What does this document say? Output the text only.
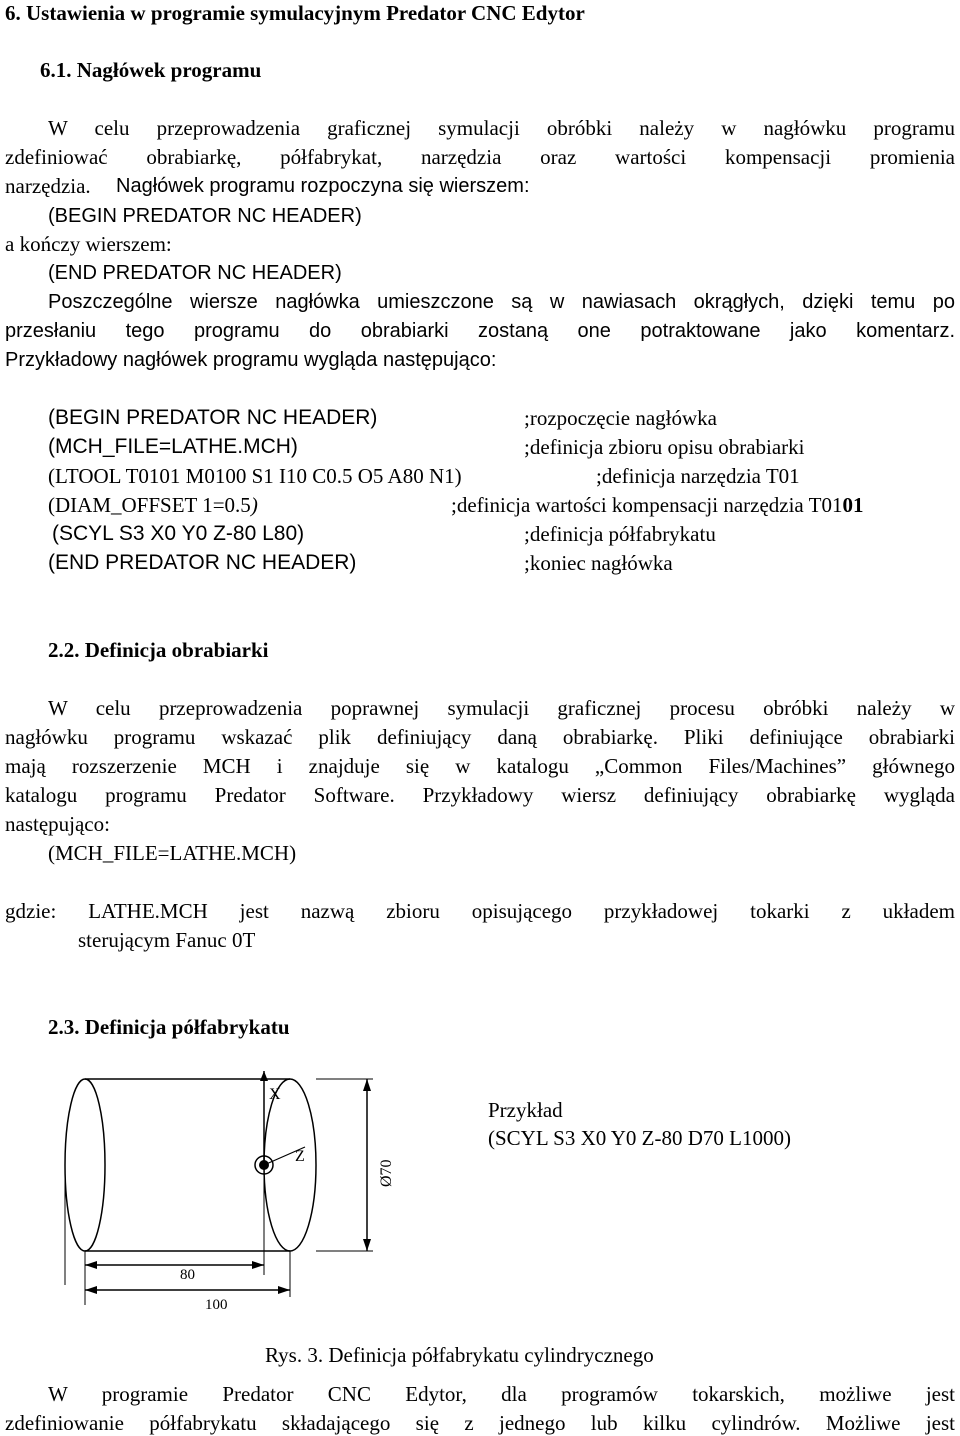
6. Ustawienia w programie symulacyjnym Predator CNC Edytor
6.1. Nagłówek programu
W celu przeprowadzenia graficznej symulacji obróbki należy w nagłówku programu
zdefiniować obrabiarkę, półfabrykat, narzędzia oraz wartości kompensacji promienia
narzędzia. Nagłówek programu rozpoczyna się wierszem:
(BEGIN PREDATOR NC HEADER)
a kończy wierszem:
(END PREDATOR NC HEADER)
Poszczególne wiersze nagłówka umieszczone są w nawiasach okrągłych, dzięki temu po
przesłaniu tego programu do obrabiarki zostaną one potraktowane jako komentarz.
Przykładowy nagłówek programu wygląda następująco:
(BEGIN PREDATOR NC HEADER)	;rozpoczęcie nagłówka
(MCH_FILE=LATHE.MCH)	;definicja zbioru opisu obrabiarki
(LTOOL T0101 M0100 S1 I10 C0.5 O5 A80 N1)	;definicja narzędzia T01
(DIAM_OFFSET 1=0.5)	;definicja wartości kompensacji narzędzia T0101
(SCYL S3 X0 Y0 Z-80 L80)	;definicja półfabrykatu
(END PREDATOR NC HEADER)	;koniec nagłówka
2.2. Definicja obrabiarki
W celu przeprowadzenia poprawnej symulacji graficznej procesu obróbki należy w
nagłówku programu wskazać plik definiujący daną obrabiarkę. Pliki definiujące obrabiarki
mają rozszerzenie MCH i znajduje się w katalogu „Common Files/Machines” głównego
katalogu programu Predator Software. Przykładowy wiersz definiujący obrabiarkę wygląda
następująco:
(MCH_FILE=LATHE.MCH)
gdzie: LATHE.MCH jest nazwą zbioru opisującego przykładowej tokarki z układem
sterującym Fanuc 0T
2.3. Definicja półfabrykatu
X
Z
Ø70
80
100
Przykład
(SCYL S3 X0 Y0 Z-80 D70 L1000)
Rys. 3. Definicja półfabrykatu cylindrycznego
W programie Predator CNC Edytor, dla programów tokarskich, możliwe jest
zdefiniowanie półfabrykatu składającego się z jednego lub kilku cylindrów. Możliwe jest
